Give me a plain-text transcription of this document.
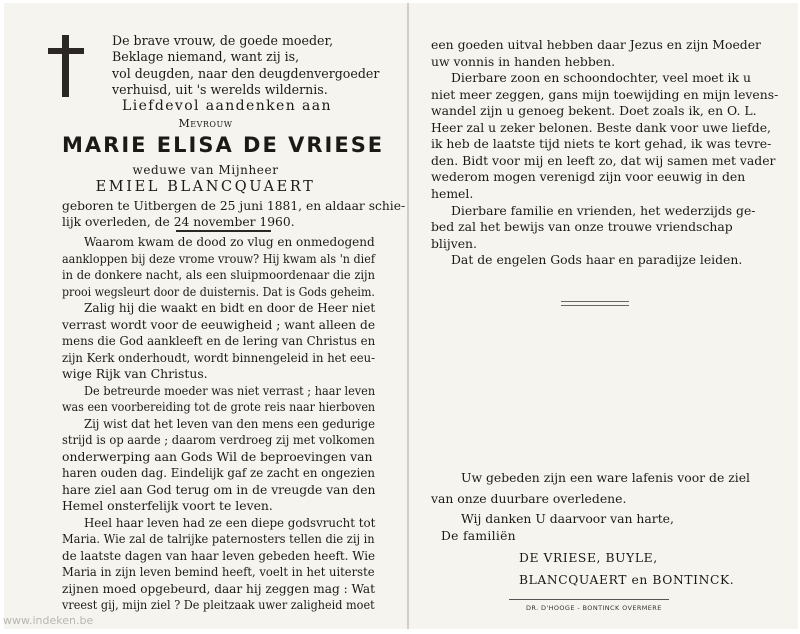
De brave vrouw, de goede moeder,
Beklage niemand, want zij is,
vol deugden, naar den deugdenvergoeder
verhuisd, uit 's werelds wildernis.
Liefdevol aandenken aan
Mevrouw
MARIE ELISA DE VRIESE
weduwe van Mijnheer
EMIEL BLANCQUAERT
geboren te Uitbergen de 25 juni 1881, en aldaar schie-
lijk overleden, de 24 november 1960.
Waarom kwam de dood zo vlug en onmedogend
aankloppen bij deze vrome vrouw? Hij kwam als 'n dief
in de donkere nacht, als een sluipmoordenaar die zijn
prooi wegsleurt door de duisternis. Dat is Gods geheim.
Zalig hij die waakt en bidt en door de Heer niet
verrast wordt voor de eeuwigheid ; want alleen de
mens die God aankleeft en de lering van Christus en
zijn Kerk onderhoudt, wordt binnengeleid in het eeu-
wige Rijk van Christus.
De betreurde moeder was niet verrast ; haar leven
was een voorbereiding tot de grote reis naar hierboven
Zij wist dat het leven van den mens een gedurige
strijd is op aarde ; daarom verdroeg zij met volkomen
onderwerping aan Gods Wil de beproevingen van
haren ouden dag. Eindelijk gaf ze zacht en ongezien
hare ziel aan God terug om in de vreugde van den
Hemel onsterfelijk voort te leven.
Heel haar leven had ze een diepe godsvrucht tot
Maria. Wie zal de talrijke paternosters tellen die zij in
de laatste dagen van haar leven gebeden heeft. Wie
Maria in zijn leven bemind heeft, voelt in het uiterste
zijnen moed opgebeurd, daar hij zeggen mag : Wat
vreest gij, mijn ziel ? De pleitzaak uwer zaligheid moet
een goeden uitval hebben daar Jezus en zijn Moeder
uw vonnis in handen hebben.
Dierbare zoon en schoondochter, veel moet ik u
niet meer zeggen, gans mijn toewijding en mijn levens-
wandel zijn u genoeg bekent. Doet zoals ik, en O. L.
Heer zal u zeker belonen. Beste dank voor uwe liefde,
ik heb de laatste tijd niets te kort gehad, ik was tevre-
den. Bidt voor mij en leeft zo, dat wij samen met vader
wederom mogen verenigd zijn voor eeuwig in den
hemel.
Dierbare familie en vrienden, het wederzijds ge-
bed zal het bewijs van onze trouwe vriendschap
blijven.
Dat de engelen Gods haar en paradijze leiden.
Uw gebeden zijn een ware lafenis voor de ziel
van onze duurbare overledene.
Wij danken U daarvoor van harte,
De familiën
DE VRIESE, BUYLE,
BLANCQUAERT en BONTINCK.
DR. D'HOOGE - BONTINCK OVERMERE
www.indeken.be
